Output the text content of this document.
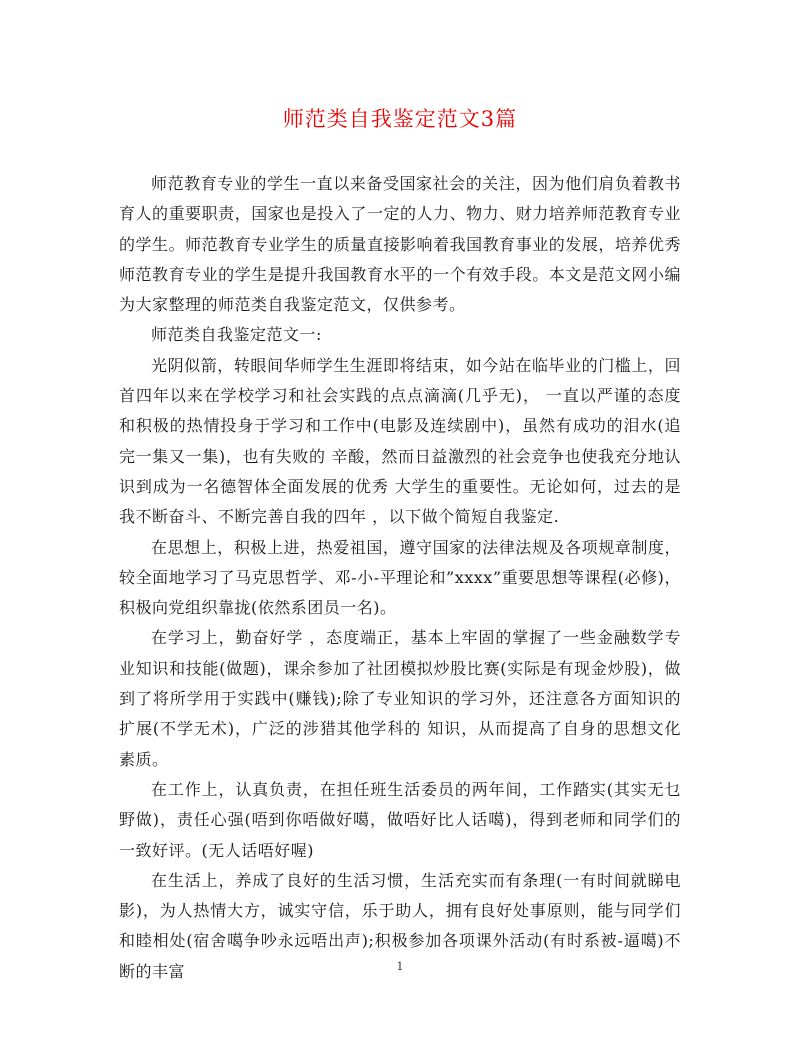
师范类自我鉴定范文3篇

师范教育专业的学生一直以来备受国家社会的关注，因为他们肩负着教书育人的重要职责，国家也是投入了一定的人力、物力、财力培养师范教育专业的学生。师范教育专业学生的质量直接影响着我国教育事业的发展，培养优秀师范教育专业的学生是提升我国教育水平的一个有效手段。本文是范文网小编为大家整理的师范类自我鉴定范文，仅供参考。

师范类自我鉴定范文一:

光阴似箭，转眼间华师学生生涯即将结束，如今站在临毕业的门槛上，回首四年以来在学校学习和社会实践的点点滴滴(几乎无)， 一直以严谨的态度和积极的热情投身于学习和工作中(电影及连续剧中)，虽然有成功的泪水(追完一集又一集)，也有失败的 辛酸，然而日益激烈的社会竞争也使我充分地认识到成为一名德智体全面发展的优秀 大学生的重要性。无论如何，过去的是我不断奋斗、不断完善自我的四年 ，以下做个简短自我鉴定.

在思想上，积极上进，热爱祖国，遵守国家的法律法规及各项规章制度，较全面地学习了马克思哲学、邓-小-平理论和”xxxx”重要思想等课程(必修)，积极向党组织靠拢(依然系团员一名)。

在学习上，勤奋好学 ，态度端正，基本上牢固的掌握了一些金融数学专业知识和技能(做题)，课余参加了社团模拟炒股比赛(实际是有现金炒股)，做到了将所学用于实践中(赚钱);除了专业知识的学习外，还注意各方面知识的扩展(不学无术)，广泛的涉猎其他学科的 知识，从而提高了自身的思想文化素质。

在工作上，认真负责，在担任班生活委员的两年间，工作踏实(其实无乜野做)，责任心强(唔到你唔做好噶，做唔好比人话噶)，得到老师和同学们的一致好评。(无人话唔好喔)

在生活上，养成了良好的生活习惯，生活充实而有条理(一有时间就睇电影)，为人热情大方，诚实守信，乐于助人，拥有良好处事原则，能与同学们和睦相处(宿舍噶争吵永远唔出声);积极参加各项课外活动(有时系被-逼噶)不断的丰富	1
